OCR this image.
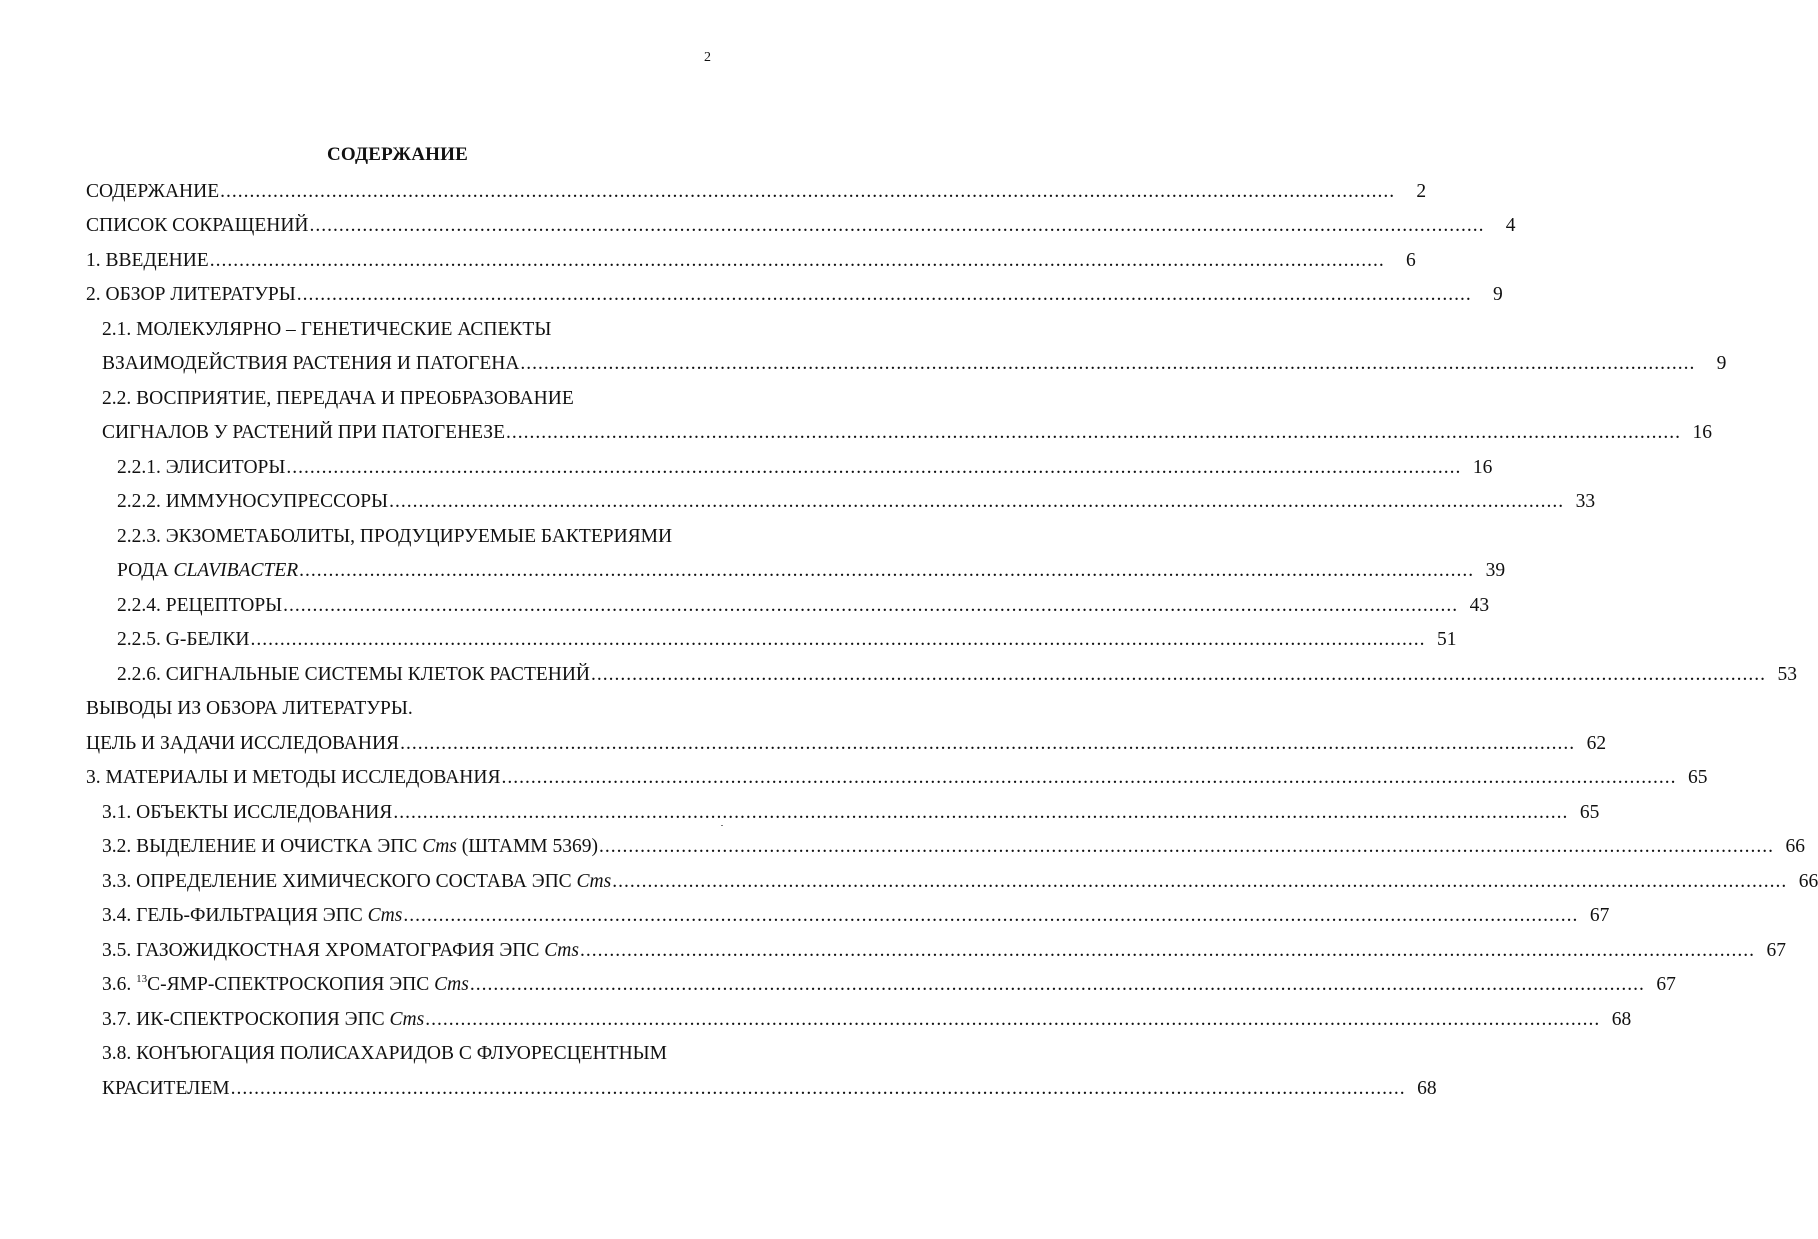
2
СОДЕРЖАНИЕ
СОДЕРЖАНИЕ ........................................................................................................................................................................................................	2
СПИСОК СОКРАЩЕНИЙ ........................................................................................................................................................................................................	4
1. ВВЕДЕНИЕ ........................................................................................................................................................................................................	6
2. ОБЗОР ЛИТЕРАТУРЫ ........................................................................................................................................................................................................	9
2.1. МОЛЕКУЛЯРНО – ГЕНЕТИЧЕСКИЕ АСПЕКТЫ
ВЗАИМОДЕЙСТВИЯ РАСТЕНИЯ И ПАТОГЕНА ........................................................................................................................................................................................................	9
2.2. ВОСПРИЯТИЕ, ПЕРЕДАЧА И ПРЕОБРАЗОВАНИЕ
СИГНАЛОВ У РАСТЕНИЙ ПРИ ПАТОГЕНЕЗЕ ........................................................................................................................................................................................................ 16
2.2.1. ЭЛИСИТОРЫ ........................................................................................................................................................................................................ 16
2.2.2. ИММУНОСУПРЕССОРЫ ........................................................................................................................................................................................................ 33
2.2.3. ЭКЗОМЕТАБОЛИТЫ, ПРОДУЦИРУЕМЫЕ БАКТЕРИЯМИ
РОДА CLAVIBACTER ........................................................................................................................................................................................................ 39
2.2.4. РЕЦЕПТОРЫ ........................................................................................................................................................................................................ 43
2.2.5. G-БЕЛКИ ........................................................................................................................................................................................................ 51
2.2.6. СИГНАЛЬНЫЕ СИСТЕМЫ КЛЕТОК РАСТЕНИЙ ........................................................................................................................................................................................................ 53
ВЫВОДЫ ИЗ ОБЗОРА ЛИТЕРАТУРЫ.
ЦЕЛЬ И ЗАДАЧИ ИССЛЕДОВАНИЯ ........................................................................................................................................................................................................ 62
3. МАТЕРИАЛЫ И МЕТОДЫ ИССЛЕДОВАНИЯ ........................................................................................................................................................................................................ 65
3.1. ОБЪЕКТЫ ИССЛЕДОВАНИЯ ........................................................................................................................................................................................................ 65
3.2. ВЫДЕЛЕНИЕ И ОЧИСТКА ЭПС Cms (ШТАММ 5369) ........................................................................................................................................................................................................ 66
3.3. ОПРЕДЕЛЕНИЕ ХИМИЧЕСКОГО СОСТАВА ЭПС Cms ........................................................................................................................................................................................................ 66
3.4. ГЕЛЬ-ФИЛЬТРАЦИЯ ЭПС Cms ........................................................................................................................................................................................................ 67
3.5. ГАЗОЖИДКОСТНАЯ ХРОМАТОГРАФИЯ ЭПС Cms ........................................................................................................................................................................................................ 67
3.6. $^{13}$С-ЯМР-СПЕКТРОСКОПИЯ ЭПС Cms ........................................................................................................................................................................................................ 67
3.7. ИК-СПЕКТРОСКОПИЯ ЭПС Cms ........................................................................................................................................................................................................ 68
3.8. КОНЪЮГАЦИЯ ПОЛИСАХАРИДОВ С ФЛУОРЕСЦЕНТНЫМ
КРАСИТЕЛЕМ ........................................................................................................................................................................................................ 68
